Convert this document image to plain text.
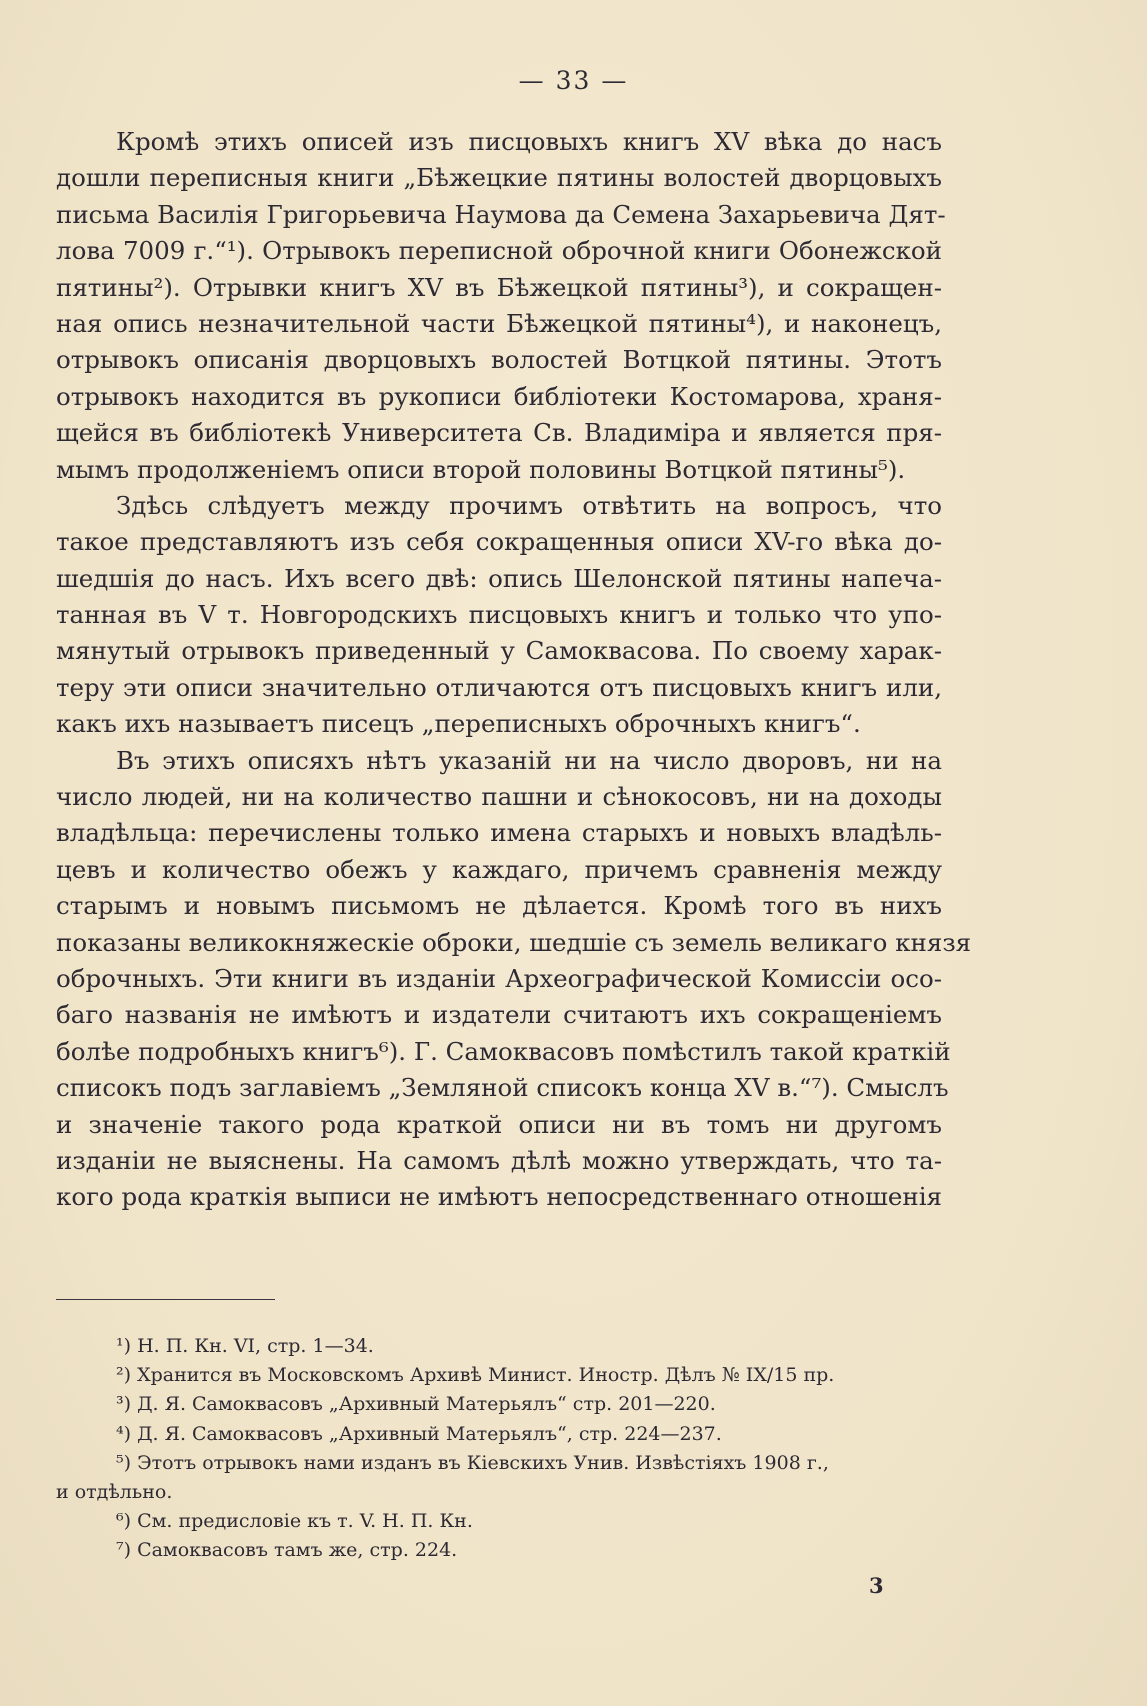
— 33 —
Кромѣ этихъ описей изъ писцовыхъ книгъ XV вѣка до насъ
дошли переписныя книги „Бѣжецкие пятины волостей дворцовыхъ
письма Василія Григорьевича Наумова да Семена Захарьевича Дят-
лова 7009 г.“¹). Отрывокъ переписной оброчной книги Обонежской
пятины²). Отрывки книгъ XV въ Бѣжецкой пятины³), и сокращен-
ная опись незначительной части Бѣжецкой пятины⁴), и наконецъ,
отрывокъ описанія дворцовыхъ волостей Вотцкой пятины. Этотъ
отрывокъ находится въ рукописи библіотеки Костомарова, храня-
щейся въ библіотекѣ Университета Св. Владиміра и является пря-
мымъ продолженіемъ описи второй половины Вотцкой пятины⁵).
Здѣсь слѣдуетъ между прочимъ отвѣтить на вопросъ, что
такое представляютъ изъ себя сокращенныя описи XV-го вѣка до-
шедшія до насъ. Ихъ всего двѣ: опись Шелонской пятины напеча-
танная въ V т. Новгородскихъ писцовыхъ книгъ и только что упо-
мянутый отрывокъ приведенный у Самоквасова. По своему харак-
теру эти описи значительно отличаются отъ писцовыхъ книгъ или,
какъ ихъ называетъ писецъ „переписныхъ оброчныхъ книгъ“.
Въ этихъ описяхъ нѣтъ указаній ни на число дворовъ, ни на
число людей, ни на количество пашни и сѣнокосовъ, ни на доходы
владѣльца: перечислены только имена старыхъ и новыхъ владѣль-
цевъ и количество обежъ у каждаго, причемъ сравненія между
старымъ и новымъ письмомъ не дѣлается. Кромѣ того въ нихъ
показаны великокняжескіе оброки, шедшіе съ земель великаго князя
оброчныхъ. Эти книги въ изданіи Археографической Комиссіи осо-
баго названія не имѣютъ и издатели считаютъ ихъ сокращеніемъ
болѣе подробныхъ книгъ⁶). Г. Самоквасовъ помѣстилъ такой краткій
списокъ подъ заглавіемъ „Земляной списокъ конца XV в.“⁷). Смыслъ
и значеніе такого рода краткой описи ни въ томъ ни другомъ
изданіи не выяснены. На самомъ дѣлѣ можно утверждать, что та-
кого рода краткія выписи не имѣютъ непосредственнаго отношенія
¹) Н. П. Кн. VI, стр. 1—34.
²) Хранится въ Московскомъ Архивѣ Минист. Иностр. Дѣлъ № ІХ/15 пр.
³) Д. Я. Самоквасовъ „Архивный Матерьялъ“ стр. 201—220.
⁴) Д. Я. Самоквасовъ „Архивный Матерьялъ“, стр. 224—237.
⁵) Этотъ отрывокъ нами изданъ въ Кіевскихъ Унив. Извѣстіяхъ 1908 г.,
и отдѣльно.
⁶) См. предисловіе къ т. V. Н. П. Кн.
⁷) Самоквасовъ тамъ же, стр. 224.
3
